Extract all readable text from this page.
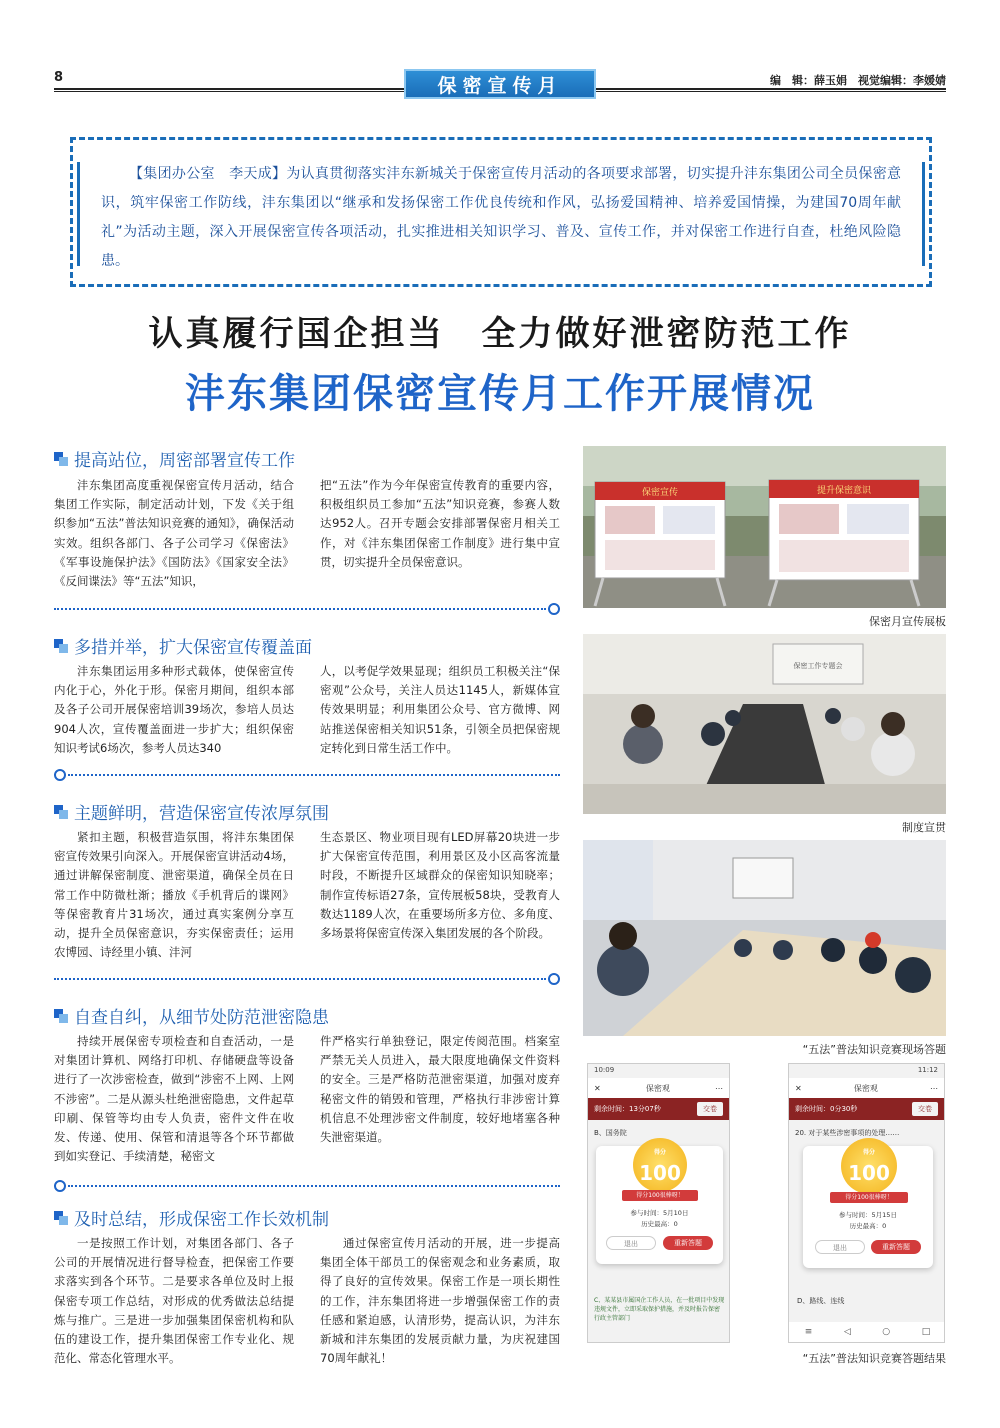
8	保密宣传月	编　辑：薛玉娟　视觉编辑：李媛婧

【集团办公室　李天成】为认真贯彻落实沣东新城关于保密宣传月活动的各项要求部署，切实提升沣东集团公司全员保密意识，筑牢保密工作防线，沣东集团以“继承和发扬保密工作优良传统和作风，弘扬爱国精神、培养爱国情操，为建国70周年献礼”为活动主题，深入开展保密宣传各项活动，扎实推进相关知识学习、普及、宣传工作，并对保密工作进行自查，杜绝风险隐患。

认真履行国企担当　全力做好泄密防范工作
沣东集团保密宣传月工作开展情况
提高站位，周密部署宣传工作
沣东集团高度重视保密宣传月活动，结合集团工作实际，制定活动计划，下发《关于组织参加“五法”普法知识竞赛的通知》，确保活动实效。组织各部门、各子公司学习《保密法》《军事设施保护法》《国防法》《国家安全法》《反间谍法》等“五法”知识，
把“五法”作为今年保密宣传教育的重要内容，积极组织员工参加“五法”知识竞赛，参赛人数达952人。召开专题会安排部署保密月相关工作，对《沣东集团保密工作制度》进行集中宣贯，切实提升全员保密意识。
多措并举，扩大保密宣传覆盖面
沣东集团运用多种形式载体，使保密宣传内化于心，外化于形。保密月期间，组织本部及各子公司开展保密培训39场次，参培人员达904人次，宣传覆盖面进一步扩大；组织保密知识考试6场次，参考人员达340
人，以考促学效果显现；组织员工积极关注“保密观”公众号，关注人员达1145人，新媒体宣传效果明显；利用集团公众号、官方微博、网站推送保密相关知识51条，引领全员把保密规定转化到日常生活工作中。
主题鲜明，营造保密宣传浓厚氛围
紧扣主题，积极营造氛围，将沣东集团保密宣传效果引向深入。开展保密宣讲活动4场，通过讲解保密制度、泄密渠道，确保全员在日常工作中防微杜渐；播放《手机背后的谍网》等保密教育片31场次，通过真实案例分享互动，提升全员保密意识，夯实保密责任；运用农博园、诗经里小镇、沣河
生态景区、物业项目现有LED屏幕20块进一步扩大保密宣传范围，利用景区及小区高客流量时段，不断提升区域群众的保密知识知晓率；制作宣传标语27条，宣传展板58块，受教育人数达1189人次，在重要场所多方位、多角度、多场景将保密宣传深入集团发展的各个阶段。
自查自纠，从细节处防范泄密隐患
持续开展保密专项检查和自查活动，一是对集团计算机、网络打印机、存储硬盘等设备进行了一次涉密检查，做到“涉密不上网、上网不涉密”。二是从源头杜绝泄密隐患，文件起草印刷、保管等均由专人负责，密件文件在收发、传递、使用、保管和清退等各个环节都做到如实登记、手续清楚，秘密文
件严格实行单独登记，限定传阅范围。档案室严禁无关人员进入，最大限度地确保文件资料的安全。三是严格防范泄密渠道，加强对废弃秘密文件的销毁和管理，严格执行非涉密计算机信息不处理涉密文件制度，较好地堵塞各种失泄密渠道。
及时总结，形成保密工作长效机制
一是按照工作计划，对集团各部门、各子公司的开展情况进行督导检查，把保密工作要求落实到各个环节。二是要求各单位及时上报保密专项工作总结，对形成的优秀做法总结提炼与推广。三是进一步加强集团保密机构和队伍的建设工作，提升集团保密工作专业化、规范化、常态化管理水平。
通过保密宣传月活动的开展，进一步提高集团全体干部员工的保密观念和业务素质，取得了良好的宣传效果。保密工作是一项长期性的工作，沣东集团将进一步增强保密工作的责任感和紧迫感，认清形势，提高认识，为沣东新城和沣东集团的发展贡献力量，为庆祝建国70周年献礼！
保密宣传	提升保密意识
保密月宣传展板
保密工作专题会
制度宣贯
“五法”普法知识竞赛现场答题
10:09
✕	保密观	⋯
剩余时间：13分07秒	交卷
B、国务院
得分
100
得分100很棒呀！
参与时间：5月10日
历史最高：0
退出	重新答题
C、某某县市属国企工作人员，在一批项目中发现违规文件，立即采取保护措施，并及时报告保密行政主管部门
11:12
✕	保密观	⋯
剩余时间：0分30秒	交卷
20. 对于某些涉密事项的处理……
得分
100
得分100很棒呀！
参与时间：5月15日
历史最高：0
退出	重新答题
D、路线、连线
≡	◁	○	□
“五法”普法知识竞赛答题结果
